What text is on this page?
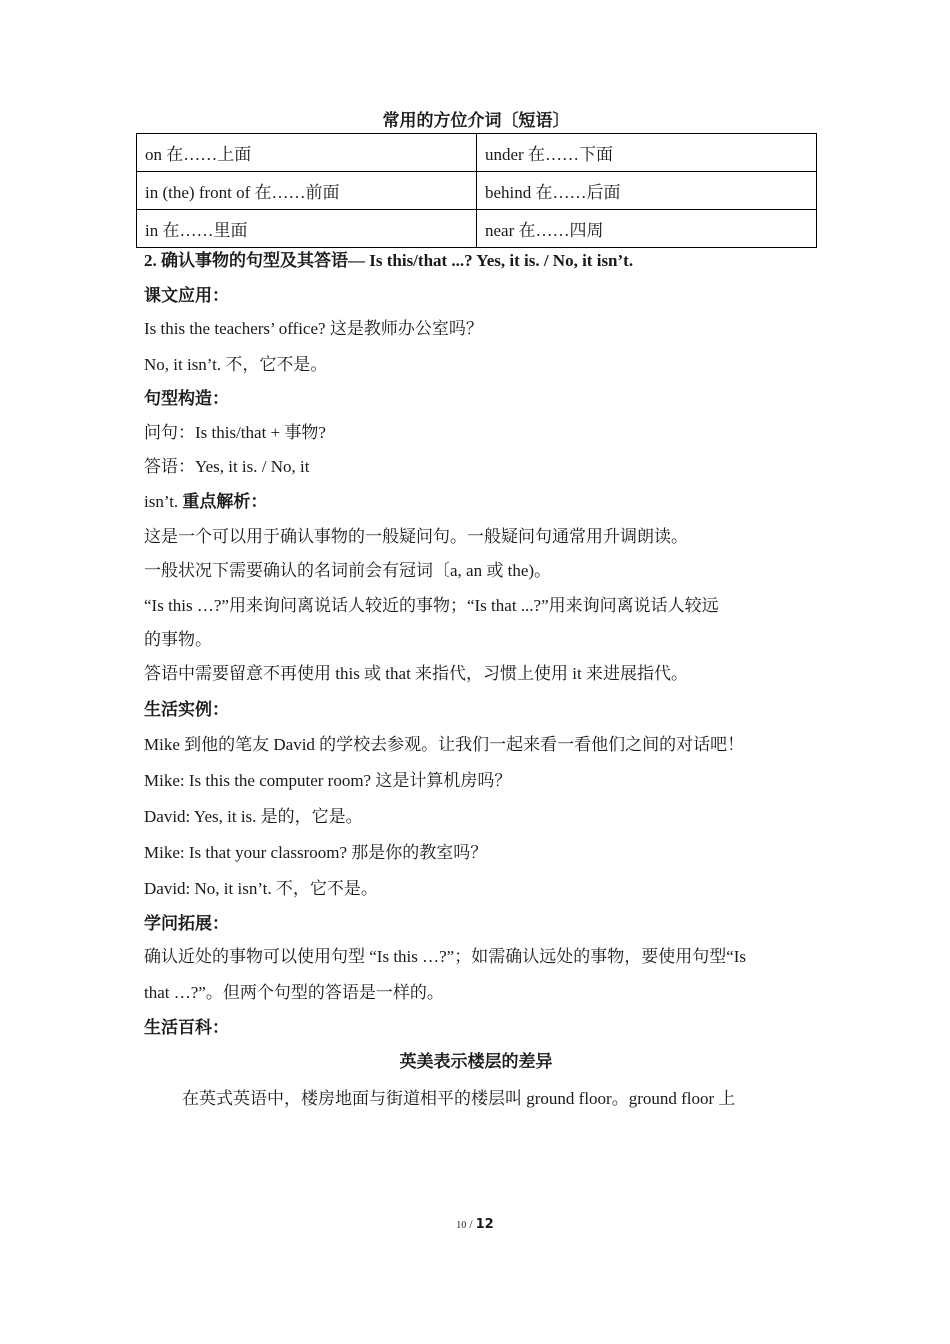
常用的方位介词〔短语〕
on 在……上面	under 在……下面
in (the) front of 在……前面	behind 在……后面
in 在……里面	near 在……四周
2. 确认事物的句型及其答语— Is this/that ...? Yes, it is. / No, it isn’t.
课文应用：
Is this the teachers’ office? 这是教师办公室吗？
No, it isn’t. 不，它不是。
句型构造：
问句：Is this/that + 事物?
答语：Yes, it is. / No, it
isn’t. 重点解析：
这是一个可以用于确认事物的一般疑问句。一般疑问句通常用升调朗读。
一般状况下需要确认的名词前会有冠词〔a, an 或 the)。
“Is this …?”用来询问离说话人较近的事物；“Is that ...?”用来询问离说话人较远
的事物。
答语中需要留意不再使用 this 或 that 来指代，习惯上使用 it 来进展指代。
生活实例：
Mike 到他的笔友 David 的学校去参观。让我们一起来看一看他们之间的对话吧！
Mike: Is this the computer room? 这是计算机房吗？
David: Yes, it is. 是的，它是。
Mike: Is that your classroom? 那是你的教室吗？
David: No, it isn’t. 不，它不是。
学问拓展：
确认近处的事物可以使用句型 “Is this …?”；如需确认远处的事物，要使用句型“Is
that …?”。但两个句型的答语是一样的。
生活百科：
英美表示楼层的差异
在英式英语中，楼房地面与街道相平的楼层叫 ground floor。ground floor 上
10 / 12
